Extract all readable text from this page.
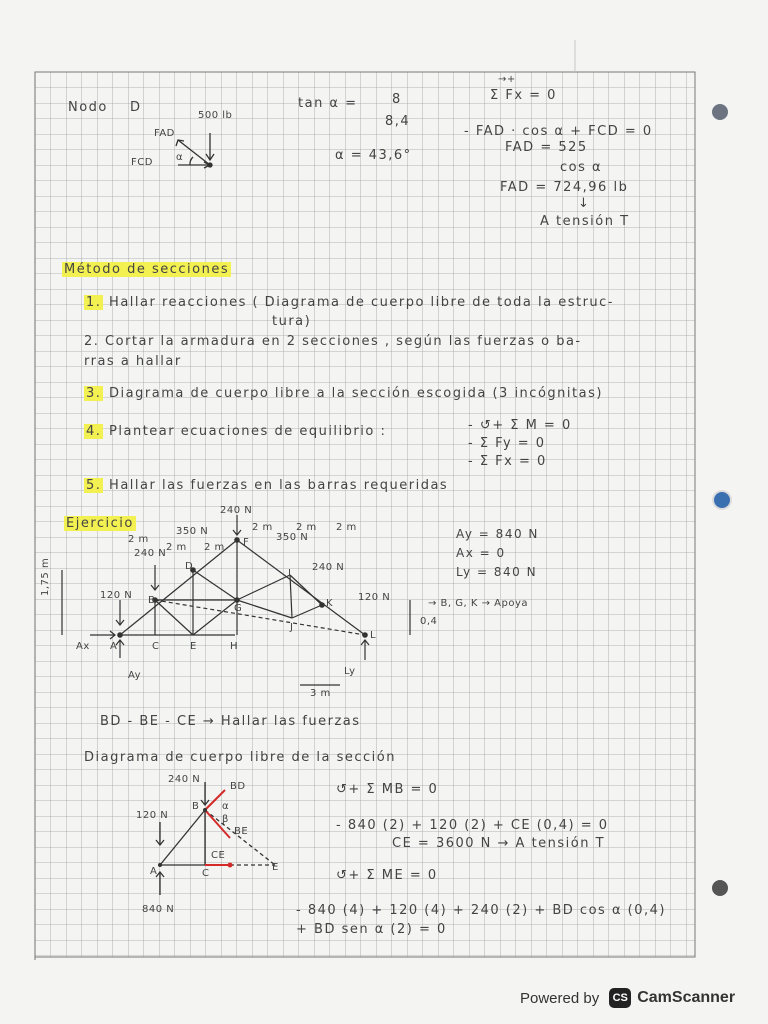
Nodo D
500 lb
FAD
FCD α
tan α =	8
8,4
α = 43,6°
→+
Σ Fx = 0
- FAD · cos α + FCD = 0
FAD = 525
cos α
FAD = 724,96 lb
↓
A tensión T
Método de secciones
1. Hallar reacciones ( Diagrama de cuerpo libre de toda la estruc-
tura)
2. Cortar la armadura en 2 secciones , según las fuerzas o ba-
rras a hallar
3. Diagrama de cuerpo libre a la sección escogida (3 incógnitas)
4. Plantear ecuaciones de equilibrio :	- ↺+ Σ M = 0
- Σ Fy = 0
- Σ Fx = 0
5. Hallar las fuerzas en las barras requeridas
Ejercicio
Ay = 840 N
Ax = 0
Ly = 840 N
→ B, G, K → Apoya
0,4
1,75 m
240 N
350 N
350 N
240 N
240 N
120 N	120 N
2 m
2 m 2 m
2 m 2 m 2 m
3 m
A
B
C
D
E
F
G
H
I
J
K
L
Ax
Ay	Ly
BD - BE - CE → Hallar las fuerzas
Diagrama de cuerpo libre de la sección
240 N
120 N
840 N
BD
BE
CE
α
β
A
B
C
E
↺+ Σ MB = 0
- 840 (2) + 120 (2) + CE (0,4) = 0
CE = 3600 N → A tensión T
↺+ Σ ME = 0
- 840 (4) + 120 (4) + 240 (2) + BD cos α (0,4)
+ BD sen α (2) = 0
Powered by	CS CamScanner
